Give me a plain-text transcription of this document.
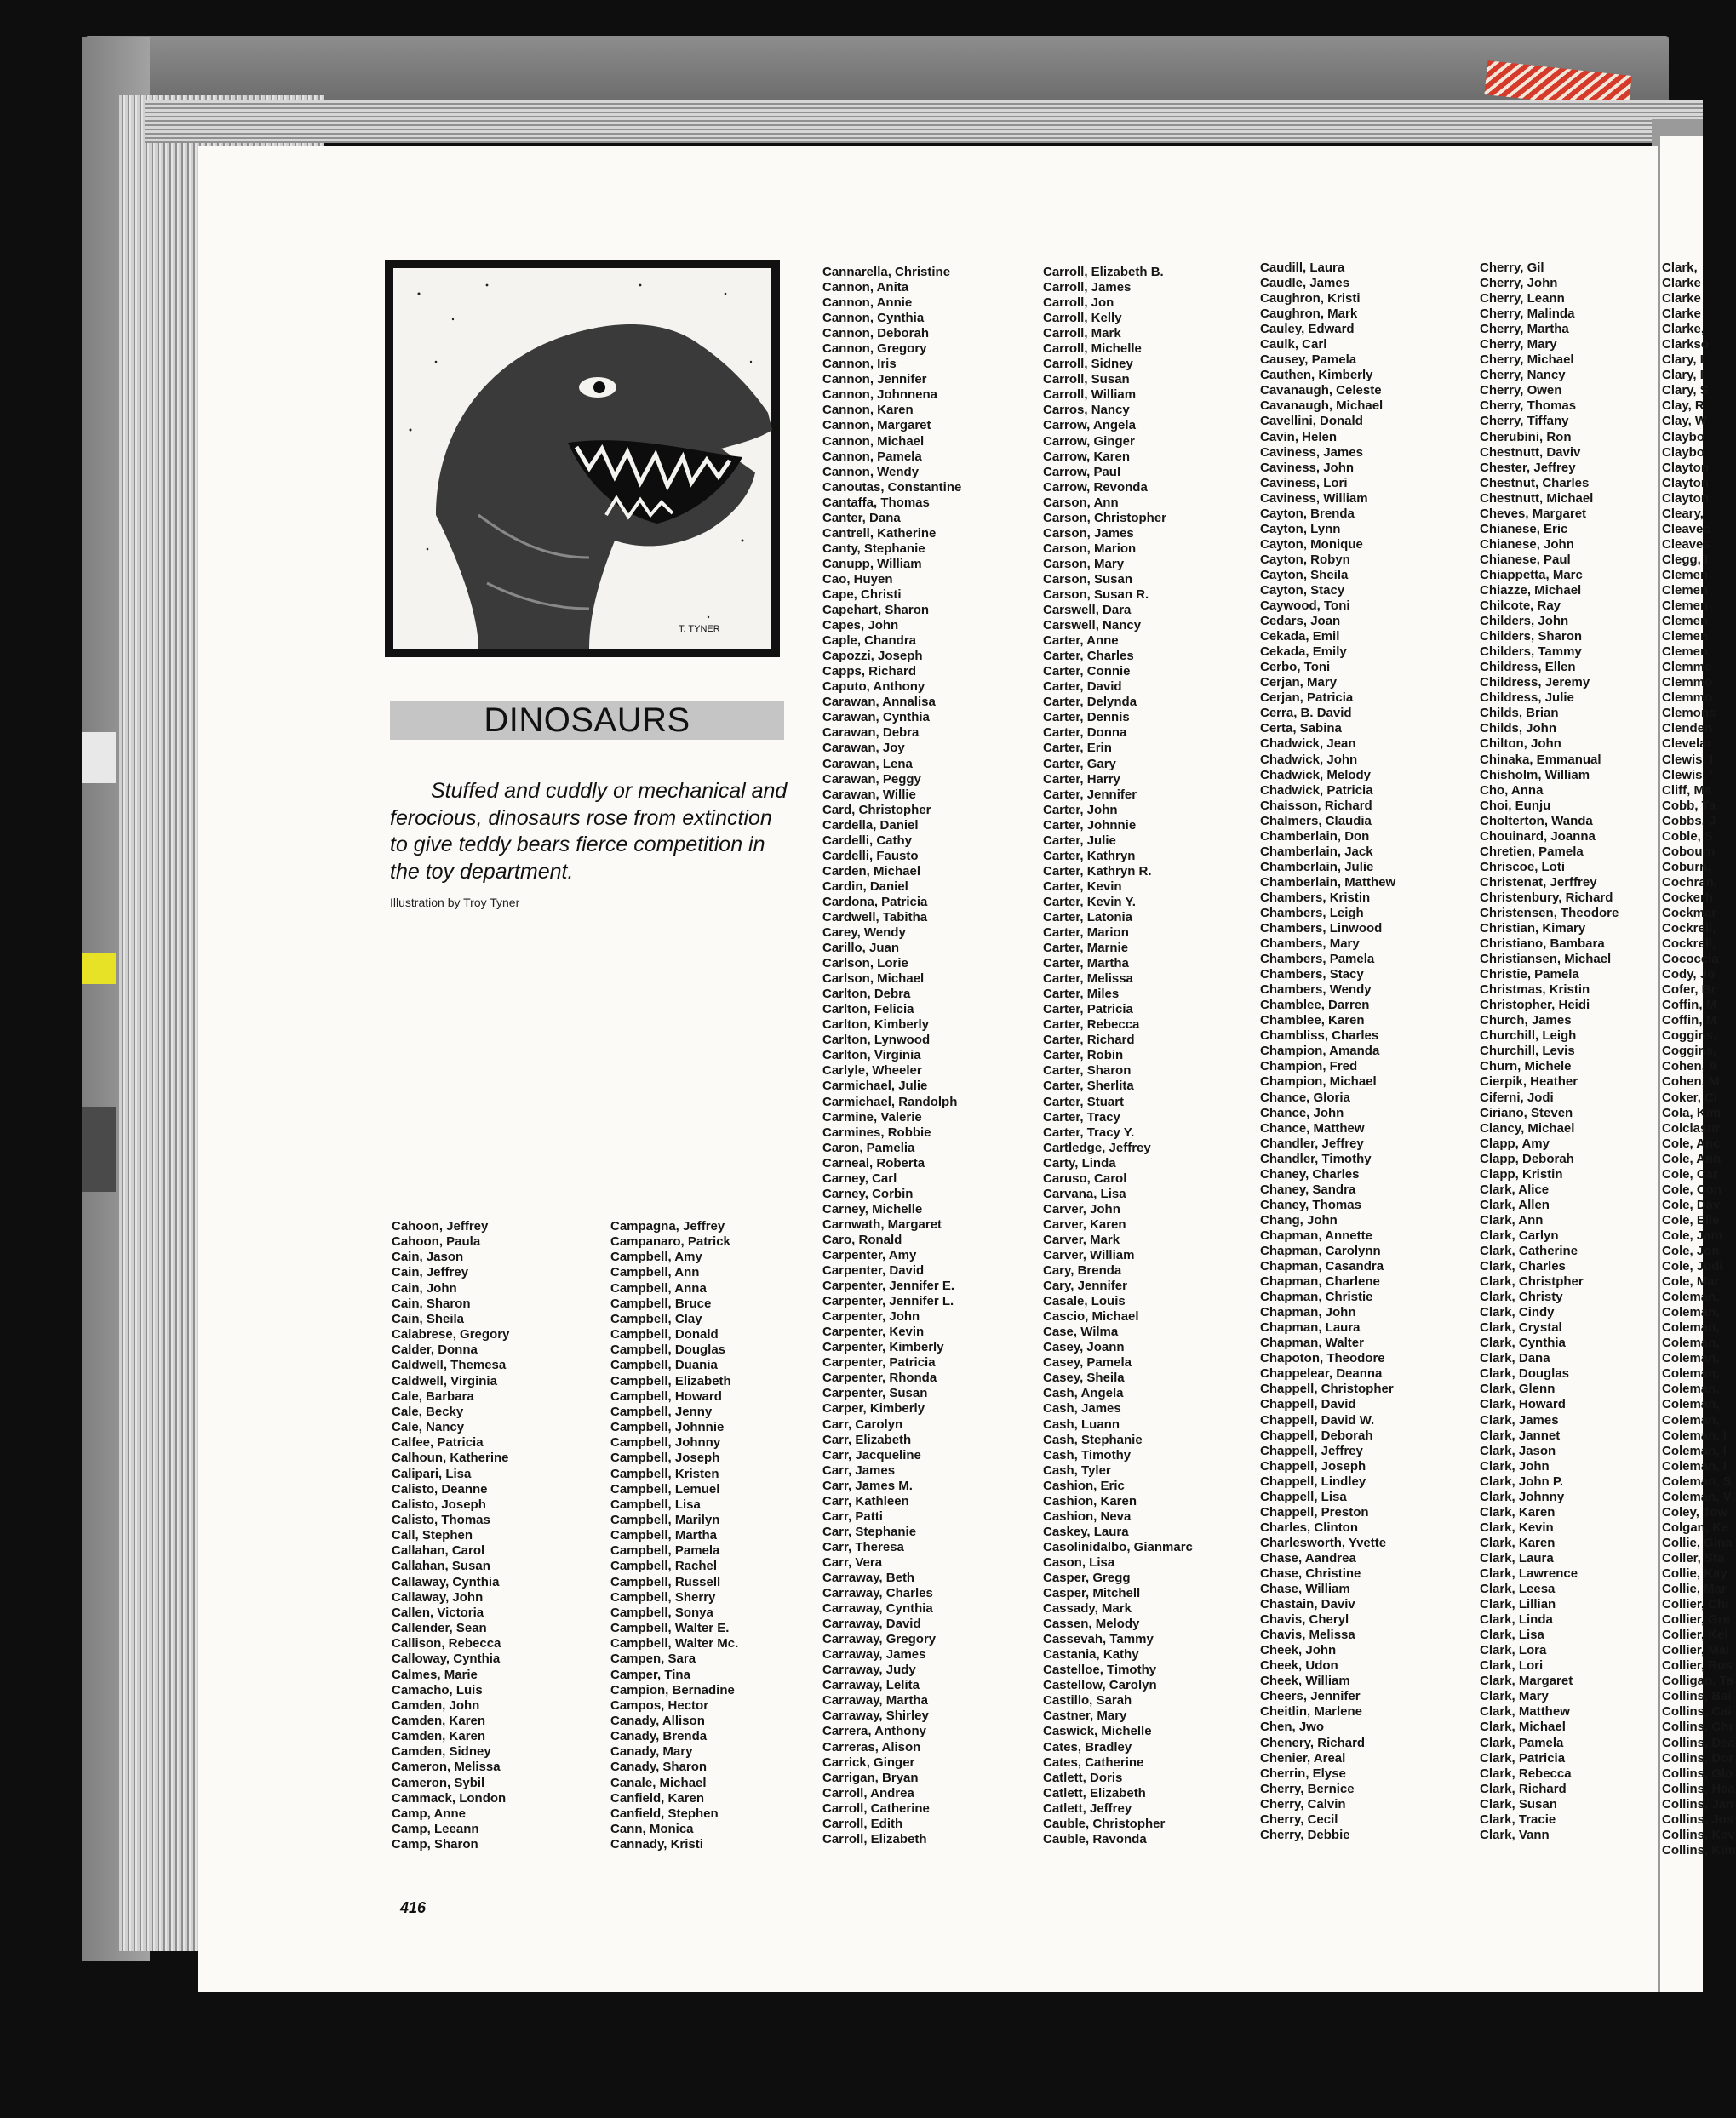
T. TYNER
DINOSAURS

Stuffed and cuddly or mechanical and ferocious, dinosaurs rose from extinction to give teddy bears fierce competition in the toy department.

Illustration by Troy Tyner
Cahoon, Jeffrey
Cahoon, Paula
Cain, Jason
Cain, Jeffrey
Cain, John
Cain, Sharon
Cain, Sheila
Calabrese, Gregory
Calder, Donna
Caldwell, Themesa
Caldwell, Virginia
Cale, Barbara
Cale, Becky
Cale, Nancy
Calfee, Patricia
Calhoun, Katherine
Calipari, Lisa
Calisto, Deanne
Calisto, Joseph
Calisto, Thomas
Call, Stephen
Callahan, Carol
Callahan, Susan
Callaway, Cynthia
Callaway, John
Callen, Victoria
Callender, Sean
Callison, Rebecca
Calloway, Cynthia
Calmes, Marie
Camacho, Luis
Camden, John
Camden, Karen
Camden, Karen
Camden, Sidney
Cameron, Melissa
Cameron, Sybil
Cammack, London
Camp, Anne
Camp, Leeann
Camp, Sharon
Campagna, Jeffrey
Campanaro, Patrick
Campbell, Amy
Campbell, Ann
Campbell, Anna
Campbell, Bruce
Campbell, Clay
Campbell, Donald
Campbell, Douglas
Campbell, Duania
Campbell, Elizabeth
Campbell, Howard
Campbell, Jenny
Campbell, Johnnie
Campbell, Johnny
Campbell, Joseph
Campbell, Kristen
Campbell, Lemuel
Campbell, Lisa
Campbell, Marilyn
Campbell, Martha
Campbell, Pamela
Campbell, Rachel
Campbell, Russell
Campbell, Sherry
Campbell, Sonya
Campbell, Walter E.
Campbell, Walter Mc.
Campen, Sara
Camper, Tina
Campion, Bernadine
Campos, Hector
Canady, Allison
Canady, Brenda
Canady, Mary
Canady, Sharon
Canale, Michael
Canfield, Karen
Canfield, Stephen
Cann, Monica
Cannady, Kristi
Cannarella, Christine
Cannon, Anita
Cannon, Annie
Cannon, Cynthia
Cannon, Deborah
Cannon, Gregory
Cannon, Iris
Cannon, Jennifer
Cannon, Johnnena
Cannon, Karen
Cannon, Margaret
Cannon, Michael
Cannon, Pamela
Cannon, Wendy
Canoutas, Constantine
Cantaffa, Thomas
Canter, Dana
Cantrell, Katherine
Canty, Stephanie
Canupp, William
Cao, Huyen
Cape, Christi
Capehart, Sharon
Capes, John
Caple, Chandra
Capozzi, Joseph
Capps, Richard
Caputo, Anthony
Carawan, Annalisa
Carawan, Cynthia
Carawan, Debra
Carawan, Joy
Carawan, Lena
Carawan, Peggy
Carawan, Willie
Card, Christopher
Cardella, Daniel
Cardelli, Cathy
Cardelli, Fausto
Carden, Michael
Cardin, Daniel
Cardona, Patricia
Cardwell, Tabitha
Carey, Wendy
Carillo, Juan
Carlson, Lorie
Carlson, Michael
Carlton, Debra
Carlton, Felicia
Carlton, Kimberly
Carlton, Lynwood
Carlton, Virginia
Carlyle, Wheeler
Carmichael, Julie
Carmichael, Randolph
Carmine, Valerie
Carmines, Robbie
Caron, Pamelia
Carneal, Roberta
Carney, Carl
Carney, Corbin
Carney, Michelle
Carnwath, Margaret
Caro, Ronald
Carpenter, Amy
Carpenter, David
Carpenter, Jennifer E.
Carpenter, Jennifer L.
Carpenter, John
Carpenter, Kevin
Carpenter, Kimberly
Carpenter, Patricia
Carpenter, Rhonda
Carpenter, Susan
Carper, Kimberly
Carr, Carolyn
Carr, Elizabeth
Carr, Jacqueline
Carr, James
Carr, James M.
Carr, Kathleen
Carr, Patti
Carr, Stephanie
Carr, Theresa
Carr, Vera
Carraway, Beth
Carraway, Charles
Carraway, Cynthia
Carraway, David
Carraway, Gregory
Carraway, James
Carraway, Judy
Carraway, Lelita
Carraway, Martha
Carraway, Shirley
Carrera, Anthony
Carreras, Alison
Carrick, Ginger
Carrigan, Bryan
Carroll, Andrea
Carroll, Catherine
Carroll, Edith
Carroll, Elizabeth
Carroll, Elizabeth B.
Carroll, James
Carroll, Jon
Carroll, Kelly
Carroll, Mark
Carroll, Michelle
Carroll, Sidney
Carroll, Susan
Carroll, William
Carros, Nancy
Carrow, Angela
Carrow, Ginger
Carrow, Karen
Carrow, Paul
Carrow, Revonda
Carson, Ann
Carson, Christopher
Carson, James
Carson, Marion
Carson, Mary
Carson, Susan
Carson, Susan R.
Carswell, Dara
Carswell, Nancy
Carter, Anne
Carter, Charles
Carter, Connie
Carter, David
Carter, Delynda
Carter, Dennis
Carter, Donna
Carter, Erin
Carter, Gary
Carter, Harry
Carter, Jennifer
Carter, John
Carter, Johnnie
Carter, Julie
Carter, Kathryn
Carter, Kathryn R.
Carter, Kevin
Carter, Kevin Y.
Carter, Latonia
Carter, Marion
Carter, Marnie
Carter, Martha
Carter, Melissa
Carter, Miles
Carter, Patricia
Carter, Rebecca
Carter, Richard
Carter, Robin
Carter, Sharon
Carter, Sherlita
Carter, Stuart
Carter, Tracy
Carter, Tracy Y.
Cartledge, Jeffrey
Carty, Linda
Caruso, Carol
Carvana, Lisa
Carver, John
Carver, Karen
Carver, Mark
Carver, William
Cary, Brenda
Cary, Jennifer
Casale, Louis
Cascio, Michael
Case, Wilma
Casey, Joann
Casey, Pamela
Casey, Sheila
Cash, Angela
Cash, James
Cash, Luann
Cash, Stephanie
Cash, Timothy
Cash, Tyler
Cashion, Eric
Cashion, Karen
Cashion, Neva
Caskey, Laura
Casolinidalbo, Gianmarc
Cason, Lisa
Casper, Gregg
Casper, Mitchell
Cassady, Mark
Cassen, Melody
Cassevah, Tammy
Castania, Kathy
Castelloe, Timothy
Castellow, Carolyn
Castillo, Sarah
Castner, Mary
Caswick, Michelle
Cates, Bradley
Cates, Catherine
Catlett, Doris
Catlett, Elizabeth
Catlett, Jeffrey
Cauble, Christopher
Cauble, Ravonda
Caudill, Laura
Caudle, James
Caughron, Kristi
Caughron, Mark
Cauley, Edward
Caulk, Carl
Causey, Pamela
Cauthen, Kimberly
Cavanaugh, Celeste
Cavanaugh, Michael
Cavellini, Donald
Cavin, Helen
Caviness, James
Caviness, John
Caviness, Lori
Caviness, William
Cayton, Brenda
Cayton, Lynn
Cayton, Monique
Cayton, Robyn
Cayton, Sheila
Cayton, Stacy
Caywood, Toni
Cedars, Joan
Cekada, Emil
Cekada, Emily
Cerbo, Toni
Cerjan, Mary
Cerjan, Patricia
Cerra, B. David
Certa, Sabina
Chadwick, Jean
Chadwick, John
Chadwick, Melody
Chadwick, Patricia
Chaisson, Richard
Chalmers, Claudia
Chamberlain, Don
Chamberlain, Jack
Chamberlain, Julie
Chamberlain, Matthew
Chambers, Kristin
Chambers, Leigh
Chambers, Linwood
Chambers, Mary
Chambers, Pamela
Chambers, Stacy
Chambers, Wendy
Chamblee, Darren
Chamblee, Karen
Chambliss, Charles
Champion, Amanda
Champion, Fred
Champion, Michael
Chance, Gloria
Chance, John
Chance, Matthew
Chandler, Jeffrey
Chandler, Timothy
Chaney, Charles
Chaney, Sandra
Chaney, Thomas
Chang, John
Chapman, Annette
Chapman, Carolynn
Chapman, Casandra
Chapman, Charlene
Chapman, Christie
Chapman, John
Chapman, Laura
Chapman, Walter
Chapoton, Theodore
Chappelear, Deanna
Chappell, Christopher
Chappell, David
Chappell, David W.
Chappell, Deborah
Chappell, Jeffrey
Chappell, Joseph
Chappell, Lindley
Chappell, Lisa
Chappell, Preston
Charles, Clinton
Charlesworth, Yvette
Chase, Aandrea
Chase, Christine
Chase, William
Chastain, Daviv
Chavis, Cheryl
Chavis, Melissa
Cheek, John
Cheek, Udon
Cheek, William
Cheers, Jennifer
Cheitlin, Marlene
Chen, Jwo
Chenery, Richard
Chenier, Areal
Cherrin, Elyse
Cherry, Bernice
Cherry, Calvin
Cherry, Cecil
Cherry, Debbie
Cherry, Gil
Cherry, John
Cherry, Leann
Cherry, Malinda
Cherry, Martha
Cherry, Mary
Cherry, Michael
Cherry, Nancy
Cherry, Owen
Cherry, Thomas
Cherry, Tiffany
Cherubini, Ron
Chestnutt, Daviv
Chester, Jeffrey
Chestnut, Charles
Chestnutt, Michael
Cheves, Margaret
Chianese, Eric
Chianese, John
Chianese, Paul
Chiappetta, Marc
Chiazze, Michael
Chilcote, Ray
Childers, John
Childers, Sharon
Childers, Tammy
Childress, Ellen
Childress, Jeremy
Childress, Julie
Childs, Brian
Childs, John
Chilton, John
Chinaka, Emmanual
Chisholm, William
Cho, Anna
Choi, Eunju
Cholterton, Wanda
Chouinard, Joanna
Chretien, Pamela
Chriscoe, Loti
Christenat, Jerffrey
Christenbury, Richard
Christensen, Theodore
Christian, Kimary
Christiano, Bambara
Christiansen, Michael
Christie, Pamela
Christmas, Kristin
Christopher, Heidi
Church, James
Churchill, Leigh
Churchill, Levis
Churn, Michele
Cierpik, Heather
Ciferni, Jodi
Ciriano, Steven
Clancy, Michael
Clapp, Amy
Clapp, Deborah
Clapp, Kristin
Clark, Alice
Clark, Allen
Clark, Ann
Clark, Carlyn
Clark, Catherine
Clark, Charles
Clark, Christpher
Clark, Christy
Clark, Cindy
Clark, Crystal
Clark, Cynthia
Clark, Dana
Clark, Douglas
Clark, Glenn
Clark, Howard
Clark, James
Clark, Jannet
Clark, Jason
Clark, John
Clark, John P.
Clark, Johnny
Clark, Karen
Clark, Kevin
Clark, Karen
Clark, Laura
Clark, Lawrence
Clark, Leesa
Clark, Lillian
Clark, Linda
Clark, Lisa
Clark, Lora
Clark, Lori
Clark, Margaret
Clark, Mary
Clark, Matthew
Clark, Michael
Clark, Pamela
Clark, Patricia
Clark, Rebecca
Clark, Richard
Clark, Susan
Clark, Tracie
Clark, Vann
Clark,
Clarke
Clarke
Clarke
Clarke,
Clarkso
Clary, I
Clary, I
Clary, S
Clay, R
Clay, W
Claybo
Claybo
Clayton
Clayton
Clayton
Cleary,
Cleaves
Cleaves
Clegg, I
Clemen
Clemen
Clemen
Clemen
Clemen
Clemen
Clemme
Clemmo
Clemmo
Clemons
Clenden
Clevelar
Clewis, I
Clewis, '
Cliff, Ma
Cobb, Ta
Cobbs, J
Coble, S
Cobourn
Coburn,
Cochran,
Cockerh
Cockmar
Cockrell,
Cockrell,
Cococcia
Cody, Jo
Cofer, Br
Coffin, M
Coffin, M
Coggins,
Coggins,
Cohen, A
Cohen, M
Coker, Ci
Cola, Kim
Colclasur
Cole, Anc
Cole, Ann
Cole, Car
Cole, Con
Cole, Dav
Cole, Elle
Cole, Jam
Cole, Jon
Cole, Judi
Cole, Mar
Coleman,
Coleman,
Coleman,
Coleman,
Coleman,
Coleman,
Coleman,
Coleman,
Coleman,
Coleman, I
Coleman, I
Coleman, I
Coleman, S
Coleman, V
Coley, Tow
Colgan, Ke
Collie, Gina
Coller, Sta
Collie, Kay
Collie, Mar
Collier, Chi
Collier, Gre
Collier, Kel
Collier, Mai
Collier, Ros
Colligan, Ta
Collins, Bai
Collins, Cai
Collins, Chr
Collins, Dea
Collins, Dor
Collins, Glo
Collins, Hea
Collins, Jan
Collins, Jos
Collins, Kev
Collins, Kim
416
